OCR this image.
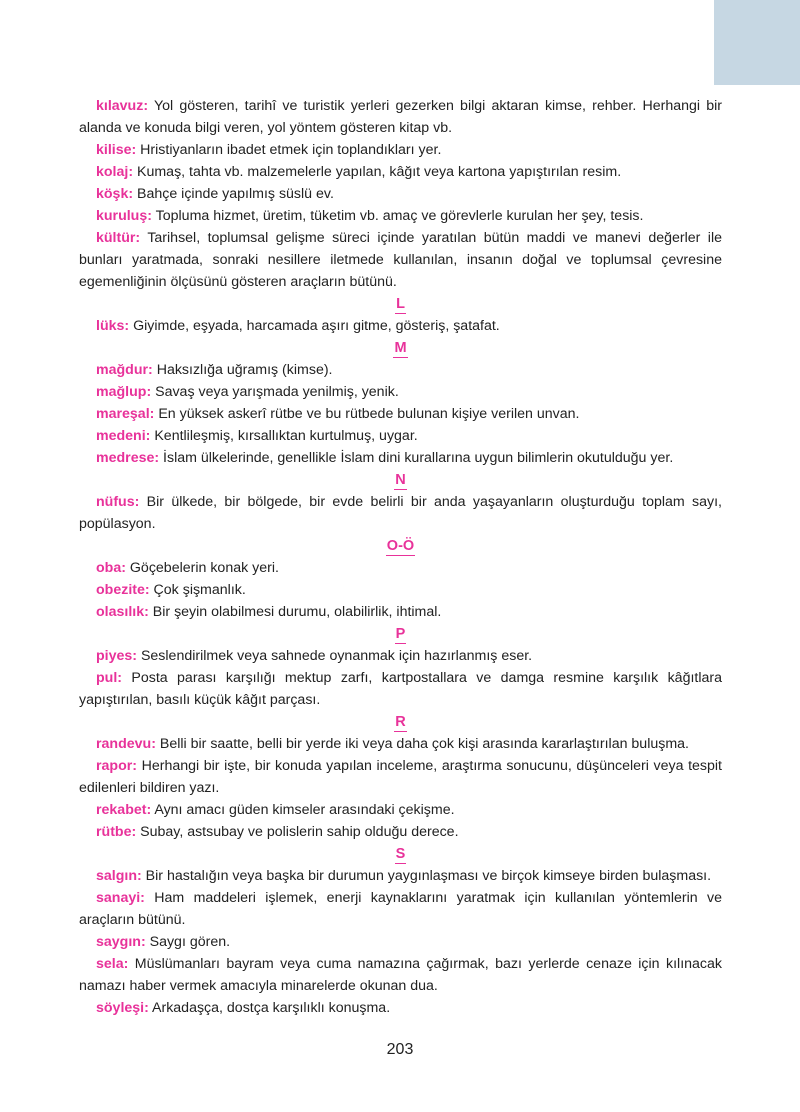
kılavuz: Yol gösteren, tarihî ve turistik yerleri gezerken bilgi aktaran kimse, rehber. Herhangi bir alanda ve konuda bilgi veren, yol yöntem gösteren kitap vb.

kilise: Hristiyanların ibadet etmek için toplandıkları yer.

kolaj: Kumaş, tahta vb. malzemelerle yapılan, kâğıt veya kartona yapıştırılan resim.

köşk: Bahçe içinde yapılmış süslü ev.

kuruluş: Topluma hizmet, üretim, tüketim vb. amaç ve görevlerle kurulan her şey, tesis.

kültür: Tarihsel, toplumsal gelişme süreci içinde yaratılan bütün maddi ve manevi değerler ile bunları yaratmada, sonraki nesillere iletmede kullanılan, insanın doğal ve toplumsal çevresine egemenliğinin ölçüsünü gösteren araçların bütünü.

L

lüks: Giyimde, eşyada, harcamada aşırı gitme, gösteriş, şatafat.

M

mağdur: Haksızlığa uğramış (kimse).

mağlup: Savaş veya yarışmada yenilmiş, yenik.

mareşal: En yüksek askerî rütbe ve bu rütbede bulunan kişiye verilen unvan.

medeni: Kentlileşmiş, kırsallıktan kurtulmuş, uygar.

medrese: İslam ülkelerinde, genellikle İslam dini kurallarına uygun bilimlerin okutulduğu yer.

N

nüfus: Bir ülkede, bir bölgede, bir evde belirli bir anda yaşayanların oluşturduğu toplam sayı, popülasyon.

O-Ö

oba: Göçebelerin konak yeri.

obezite: Çok şişmanlık.

olasılık: Bir şeyin olabilmesi durumu, olabilirlik, ihtimal.

P

piyes: Seslendirilmek veya sahnede oynanmak için hazırlanmış eser.

pul: Posta parası karşılığı mektup zarfı, kartpostallara ve damga resmine karşılık kâğıtlara yapıştırılan, basılı küçük kâğıt parçası.

R

randevu: Belli bir saatte, belli bir yerde iki veya daha çok kişi arasında kararlaştırılan buluşma.

rapor: Herhangi bir işte, bir konuda yapılan inceleme, araştırma sonucunu, düşünceleri veya tespit edilenleri bildiren yazı.

rekabet: Aynı amacı güden kimseler arasındaki çekişme.

rütbe: Subay, astsubay ve polislerin sahip olduğu derece.

S

salgın: Bir hastalığın veya başka bir durumun yaygınlaşması ve birçok kimseye birden bulaşması.

sanayi: Ham maddeleri işlemek, enerji kaynaklarını yaratmak için kullanılan yöntemlerin ve araçların bütünü.

saygın: Saygı gören.

sela: Müslümanları bayram veya cuma namazına çağırmak, bazı yerlerde cenaze için kılınacak namazı haber vermek amacıyla minarelerde okunan dua.

söyleşi: Arkadaşça, dostça karşılıklı konuşma.

203
